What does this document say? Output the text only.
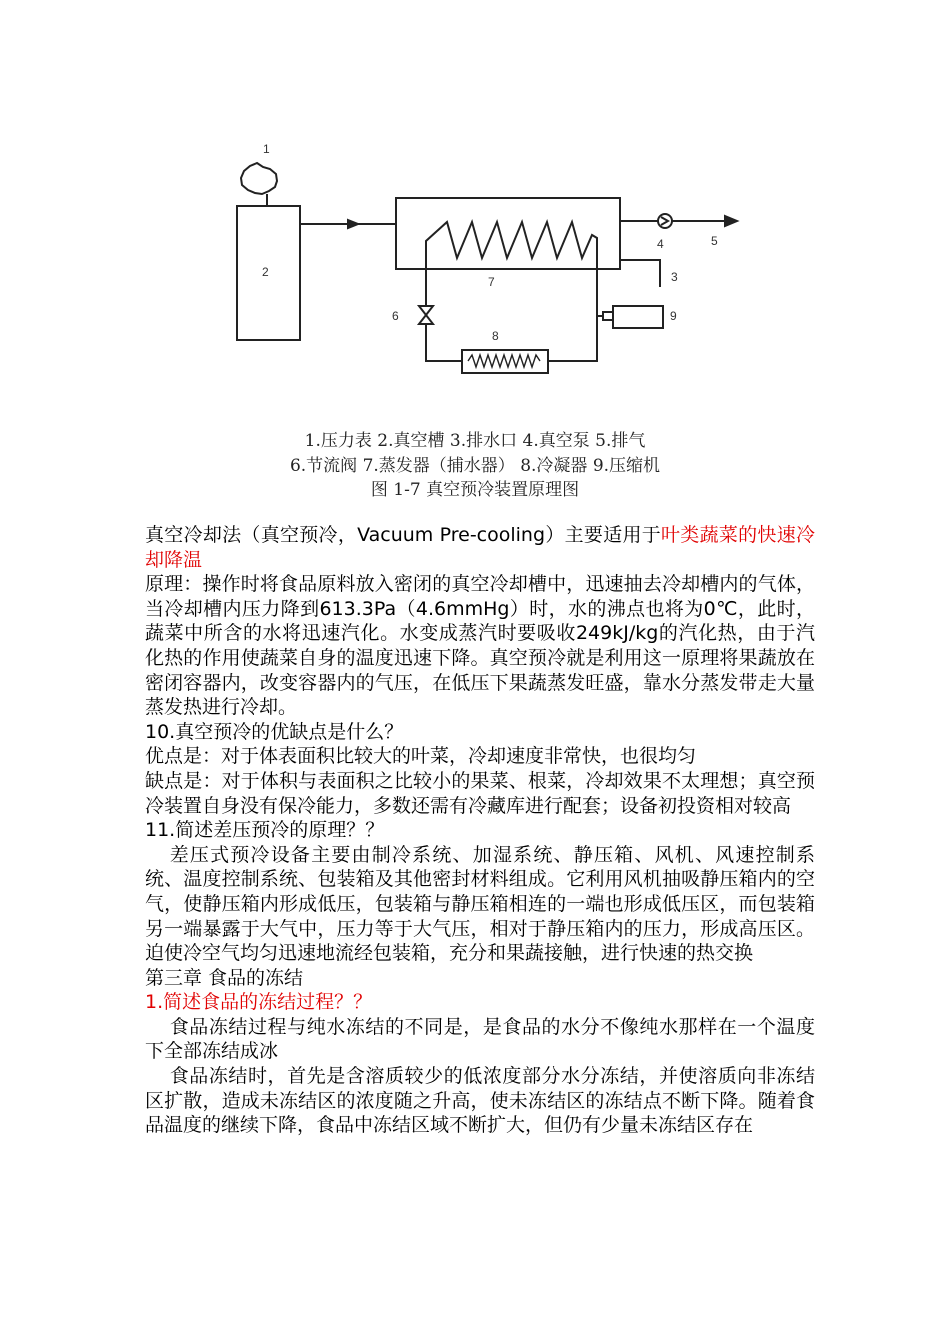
1
2	3
4	5
6
7
8
9
1.压力表 2.真空槽 3.排水口 4.真空泵 5.排气
6.节流阀 7.蒸发器（捕水器） 8.冷凝器 9.压缩机
图 1-7 真空预冷装置原理图

真空冷却法（真空预冷，Vacuum Pre-cooling）主要适用于叶类蔬菜的快速冷却降温

原理：操作时将食品原料放入密闭的真空冷却槽中，迅速抽去冷却槽内的气体，当冷却槽内压力降到613.3Pa（4.6mmHg）时，水的沸点也将为0℃，此时，蔬菜中所含的水将迅速汽化。水变成蒸汽时要吸收249kJ/kg的汽化热，由于汽化热的作用使蔬菜自身的温度迅速下降。真空预冷就是利用这一原理将果蔬放在密闭容器内，改变容器内的气压，在低压下果蔬蒸发旺盛，靠水分蒸发带走大量蒸发热进行冷却。

10.真空预冷的优缺点是什么？

优点是：对于体表面积比较大的叶菜，冷却速度非常快，也很均匀

缺点是：对于体积与表面积之比较小的果菜、根菜，冷却效果不太理想；真空预冷装置自身没有保冷能力，多数还需有冷藏库进行配套；设备初投资相对较高

11.简述差压预冷的原理？？

差压式预冷设备主要由制冷系统、加湿系统、静压箱、风机、风速控制系统、温度控制系统、包装箱及其他密封材料组成。它利用风机抽吸静压箱内的空气，使静压箱内形成低压，包装箱与静压箱相连的一端也形成低压区，而包装箱另一端暴露于大气中，压力等于大气压，相对于静压箱内的压力，形成高压区。迫使冷空气均匀迅速地流经包装箱，充分和果蔬接触，进行快速的热交换

第三章 食品的冻结

1.简述食品的冻结过程？？

食品冻结过程与纯水冻结的不同是，是食品的水分不像纯水那样在一个温度下全部冻结成冰

食品冻结时，首先是含溶质较少的低浓度部分水分冻结，并使溶质向非冻结区扩散，造成未冻结区的浓度随之升高，使未冻结区的冻结点不断下降。随着食品温度的继续下降，食品中冻结区域不断扩大，但仍有少量未冻结区存在
